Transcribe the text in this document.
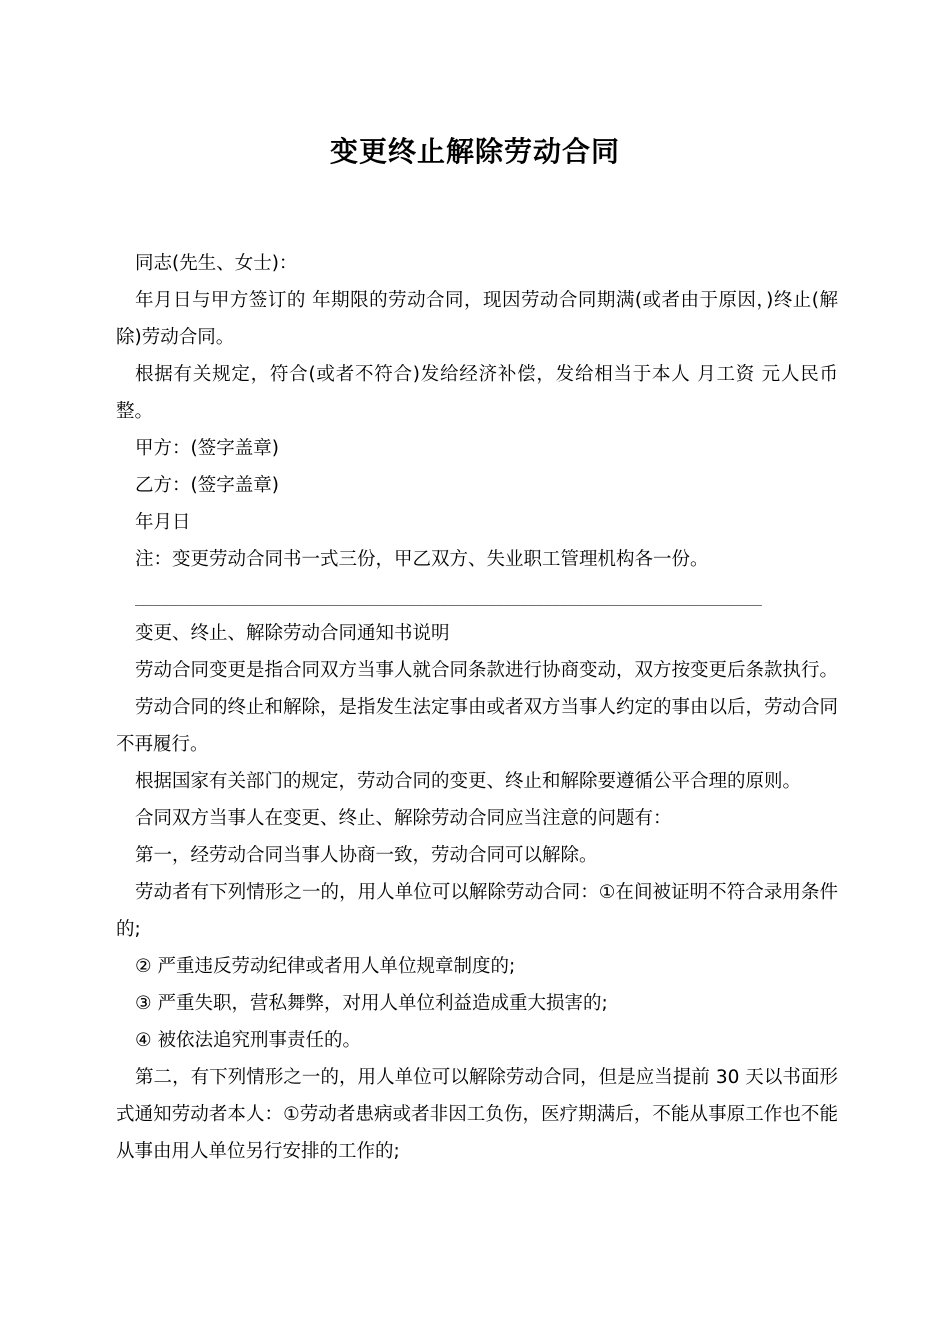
变更终止解除劳动合同

同志(先生、女士)：

年月日与甲方签订的 年期限的劳动合同，现因劳动合同期满(或者由于原因，)终止(解除)劳动合同。

根据有关规定，符合(或者不符合)发给经济补偿，发给相当于本人 月工资 元人民币整。

甲方：(签字盖章)

乙方：(签字盖章)

年月日

注：变更劳动合同书一式三份，甲乙双方、失业职工管理机构各一份。

_______________________________________________________________________________

变更、终止、解除劳动合同通知书说明

劳动合同变更是指合同双方当事人就合同条款进行协商变动，双方按变更后条款执行。

劳动合同的终止和解除，是指发生法定事由或者双方当事人约定的事由以后，劳动合同不再履行。

根据国家有关部门的规定，劳动合同的变更、终止和解除要遵循公平合理的原则。

合同双方当事人在变更、终止、解除劳动合同应当注意的问题有：

第一，经劳动合同当事人协商一致，劳动合同可以解除。

劳动者有下列情形之一的，用人单位可以解除劳动合同：①在间被证明不符合录用条件的;

② 严重违反劳动纪律或者用人单位规章制度的;

③ 严重失职，营私舞弊，对用人单位利益造成重大损害的;

④ 被依法追究刑事责任的。

第二，有下列情形之一的，用人单位可以解除劳动合同，但是应当提前 30 天以书面形式通知劳动者本人：①劳动者患病或者非因工负伤，医疗期满后，不能从事原工作也不能从事由用人单位另行安排的工作的;
